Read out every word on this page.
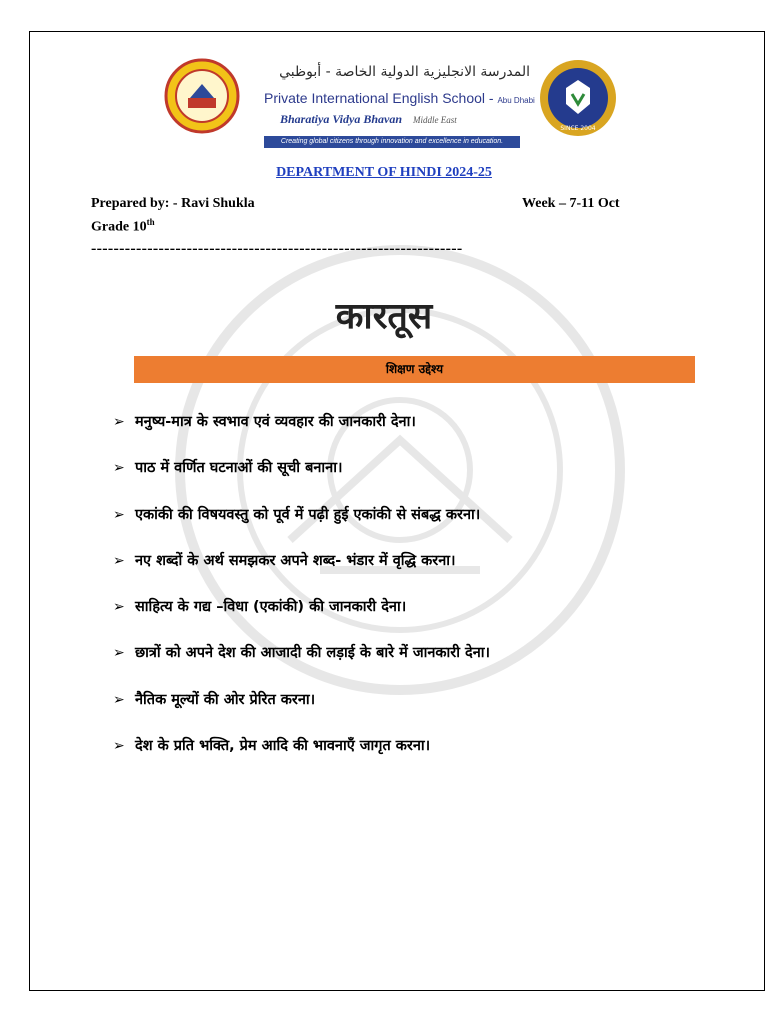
المدرسة الانجليزية الدولية الخاصة - أبوظبي
Private International English School - Abu Dhabi
Bharatiya Vidya Bhavan Middle East
Creating global citizens through innovation and excellence in education.
SINCE 2004
DEPARTMENT OF HINDI 2024-25
Prepared by: - Ravi Shukla	Week – 7-11 Oct
Grade 10th
------------------------------------------------------------------
कारतूस
शिक्षण उद्देश्य
➢ मनुष्य-मात्र के स्वभाव एवं व्यवहार की जानकारी देना।
➢ पाठ में वर्णित घटनाओं की सूची बनाना।
➢ एकांकी की विषयवस्तु को पूर्व में पढ़ी हुई एकांकी से संबद्ध करना।
➢ नए शब्दों के अर्थ समझकर अपने शब्द- भंडार में वृद्धि करना।
➢ साहित्य के गद्य –विधा (एकांकी) की जानकारी देना।
➢ छात्रों को अपने देश की आजादी की लड़ाई के बारे में जानकारी देना।
➢ नैतिक मूल्यों की ओर प्रेरित करना।
➢ देश के प्रति भक्ति, प्रेम आदि की भावनाएँ जागृत करना।
